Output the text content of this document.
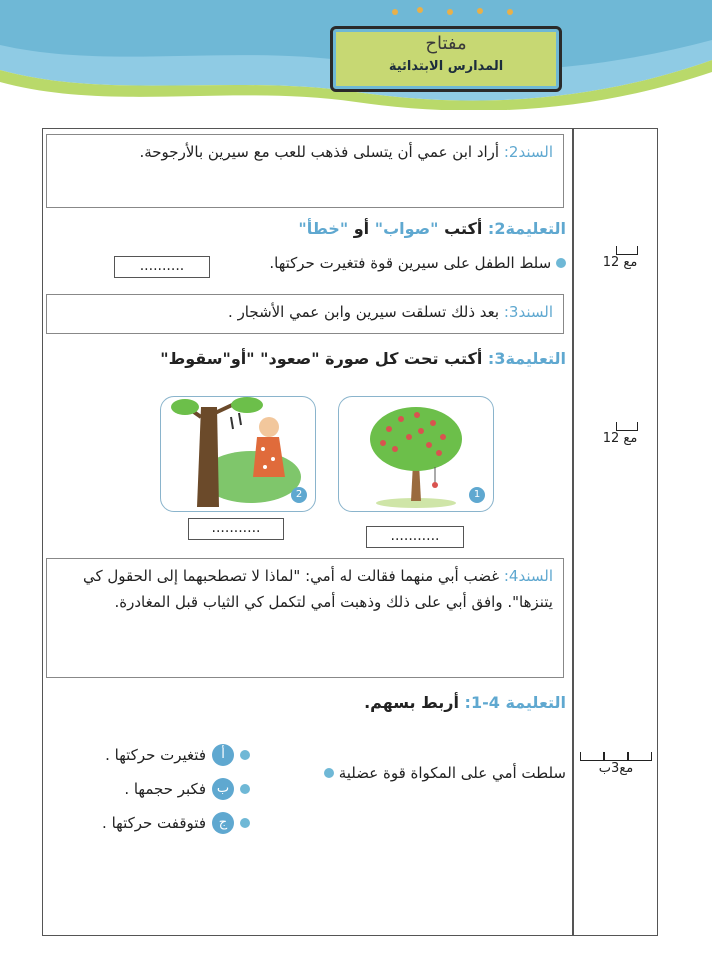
مفتاح
المدارس الابتدائية
السند2: أراد ابن عمي أن يتسلى فذهب للعب مع سيرين بالأرجوحة.
التعليمة2: أكتب "صواب" أو "خطأ"
سلط الطفل على سيرين قوة فتغيرت حركتها.
..........	مع 12
السند3: بعد ذلك تسلقت سيرين وابن عمي الأشجار .
التعليمة3: أكتب تحت كل صورة "صعود" "أو"سقوط"
1
...........
2
...........
مع 12
السند4: غضب أبي منهما فقالت له أمي: "لماذا لا تصطحبهما إلى الحقول كي يتنزها". وافق أبي على ذلك وذهبت أمي لتكمل كي الثياب قبل المغادرة.
التعليمة 4-1: أربط بسهم.
سلطت أمي على المكواة قوة عضلية
أ
فتغيرت حركتها .
ب
فكبر حجمها .
ج
فتوقفت حركتها .
مع3ب
